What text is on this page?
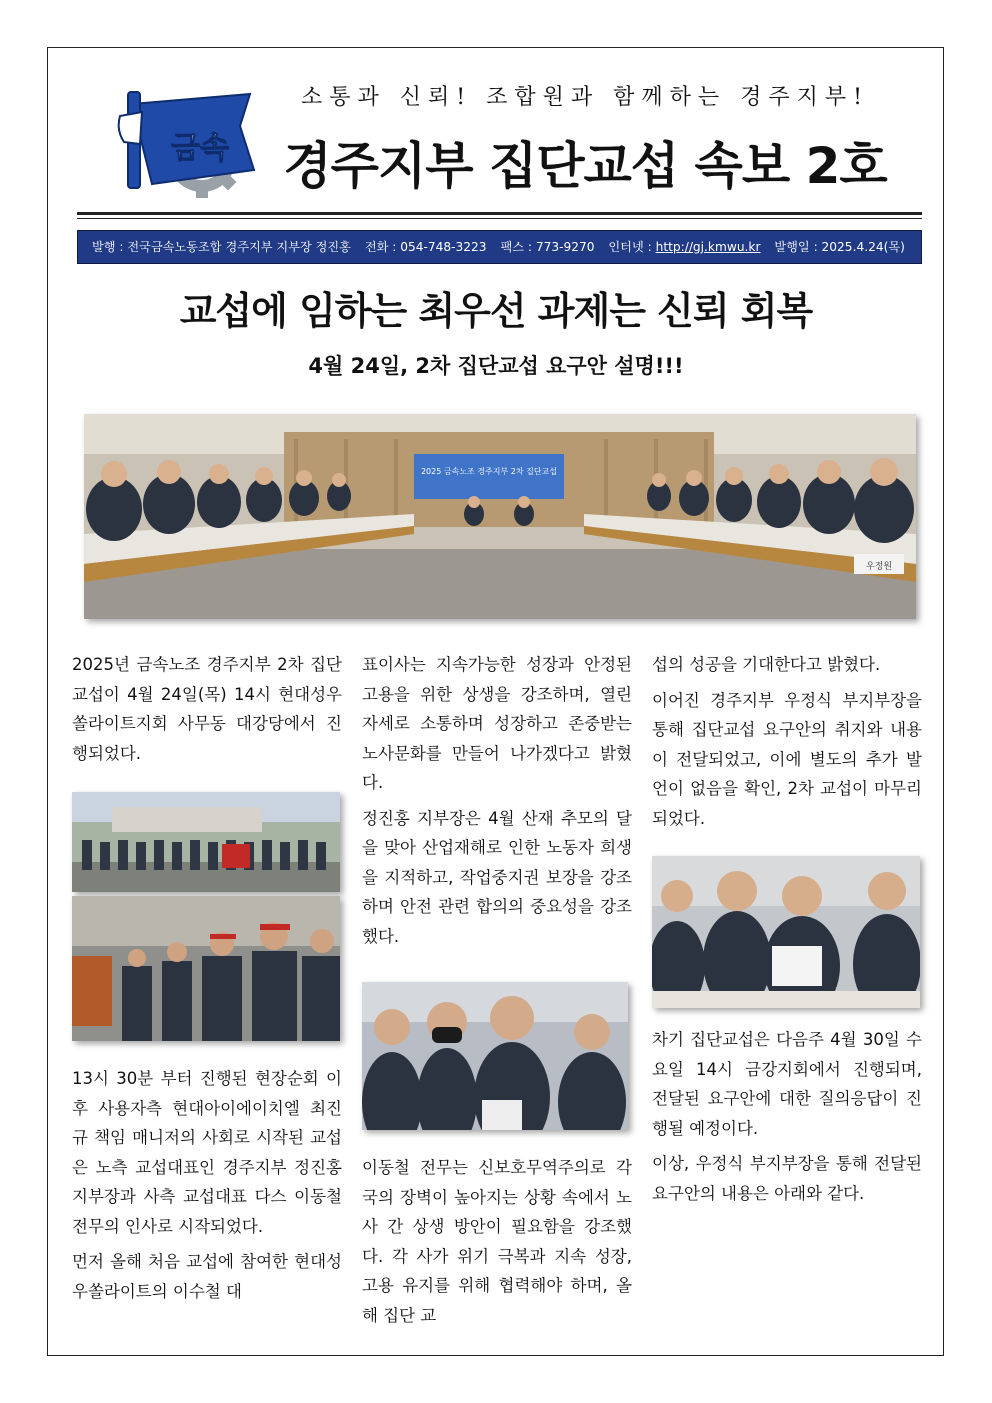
금속
소통과 신뢰! 조합원과 함께하는 경주지부!
경주지부 집단교섭 속보 2호
발행 : 전국금속노동조합 경주지부 지부장 정진홍 전화 : 054-748-3223 팩스 : 773-9270 인터넷 : http://gj.kmwu.kr 발행일 : 2025.4.24(목)
교섭에 임하는 최우선 과제는 신뢰 회복
4월 24일, 2차 집단교섭 요구안 설명!!!
2025 금속노조 경주지부 2차 집단교섭
우정원

2025년 금속노조 경주지부 2차 집단교섭이 4월 24일(목) 14시 현대성우쏠라이트지회 사무동 대강당에서 진행되었다.

13시 30분 부터 진행된 현장순회 이후 사용자측 현대아이에이치엘 최진규 책임 매니저의 사회로 시작된 교섭은 노측 교섭대표인 경주지부 정진홍 지부장과 사측 교섭대표 다스 이동철 전무의 인사로 시작되었다.

먼저 올해 처음 교섭에 참여한 현대성우쏠라이트의 이수철 대

표이사는 지속가능한 성장과 안정된 고용을 위한 상생을 강조하며, 열린 자세로 소통하며 성장하고 존중받는 노사문화를 만들어 나가겠다고 밝혔다.

정진홍 지부장은 4월 산재 추모의 달을 맞아 산업재해로 인한 노동자 희생을 지적하고, 작업중지권 보장을 강조하며 안전 관련 합의의 중요성을 강조했다.

이동철 전무는 신보호무역주의로 각국의 장벽이 높아지는 상황 속에서 노사 간 상생 방안이 필요함을 강조했다. 각 사가 위기 극복과 지속 성장, 고용 유지를 위해 협력해야 하며, 올해 집단 교

섭의 성공을 기대한다고 밝혔다.

이어진 경주지부 우정식 부지부장을 통해 집단교섭 요구안의 취지와 내용이 전달되었고, 이에 별도의 추가 발언이 없음을 확인, 2차 교섭이 마무리 되었다.

차기 집단교섭은 다음주 4월 30일 수요일 14시 금강지회에서 진행되며, 전달된 요구안에 대한 질의응답이 진행될 예정이다.

이상, 우정식 부지부장을 통해 전달된 요구안의 내용은 아래와 같다.
